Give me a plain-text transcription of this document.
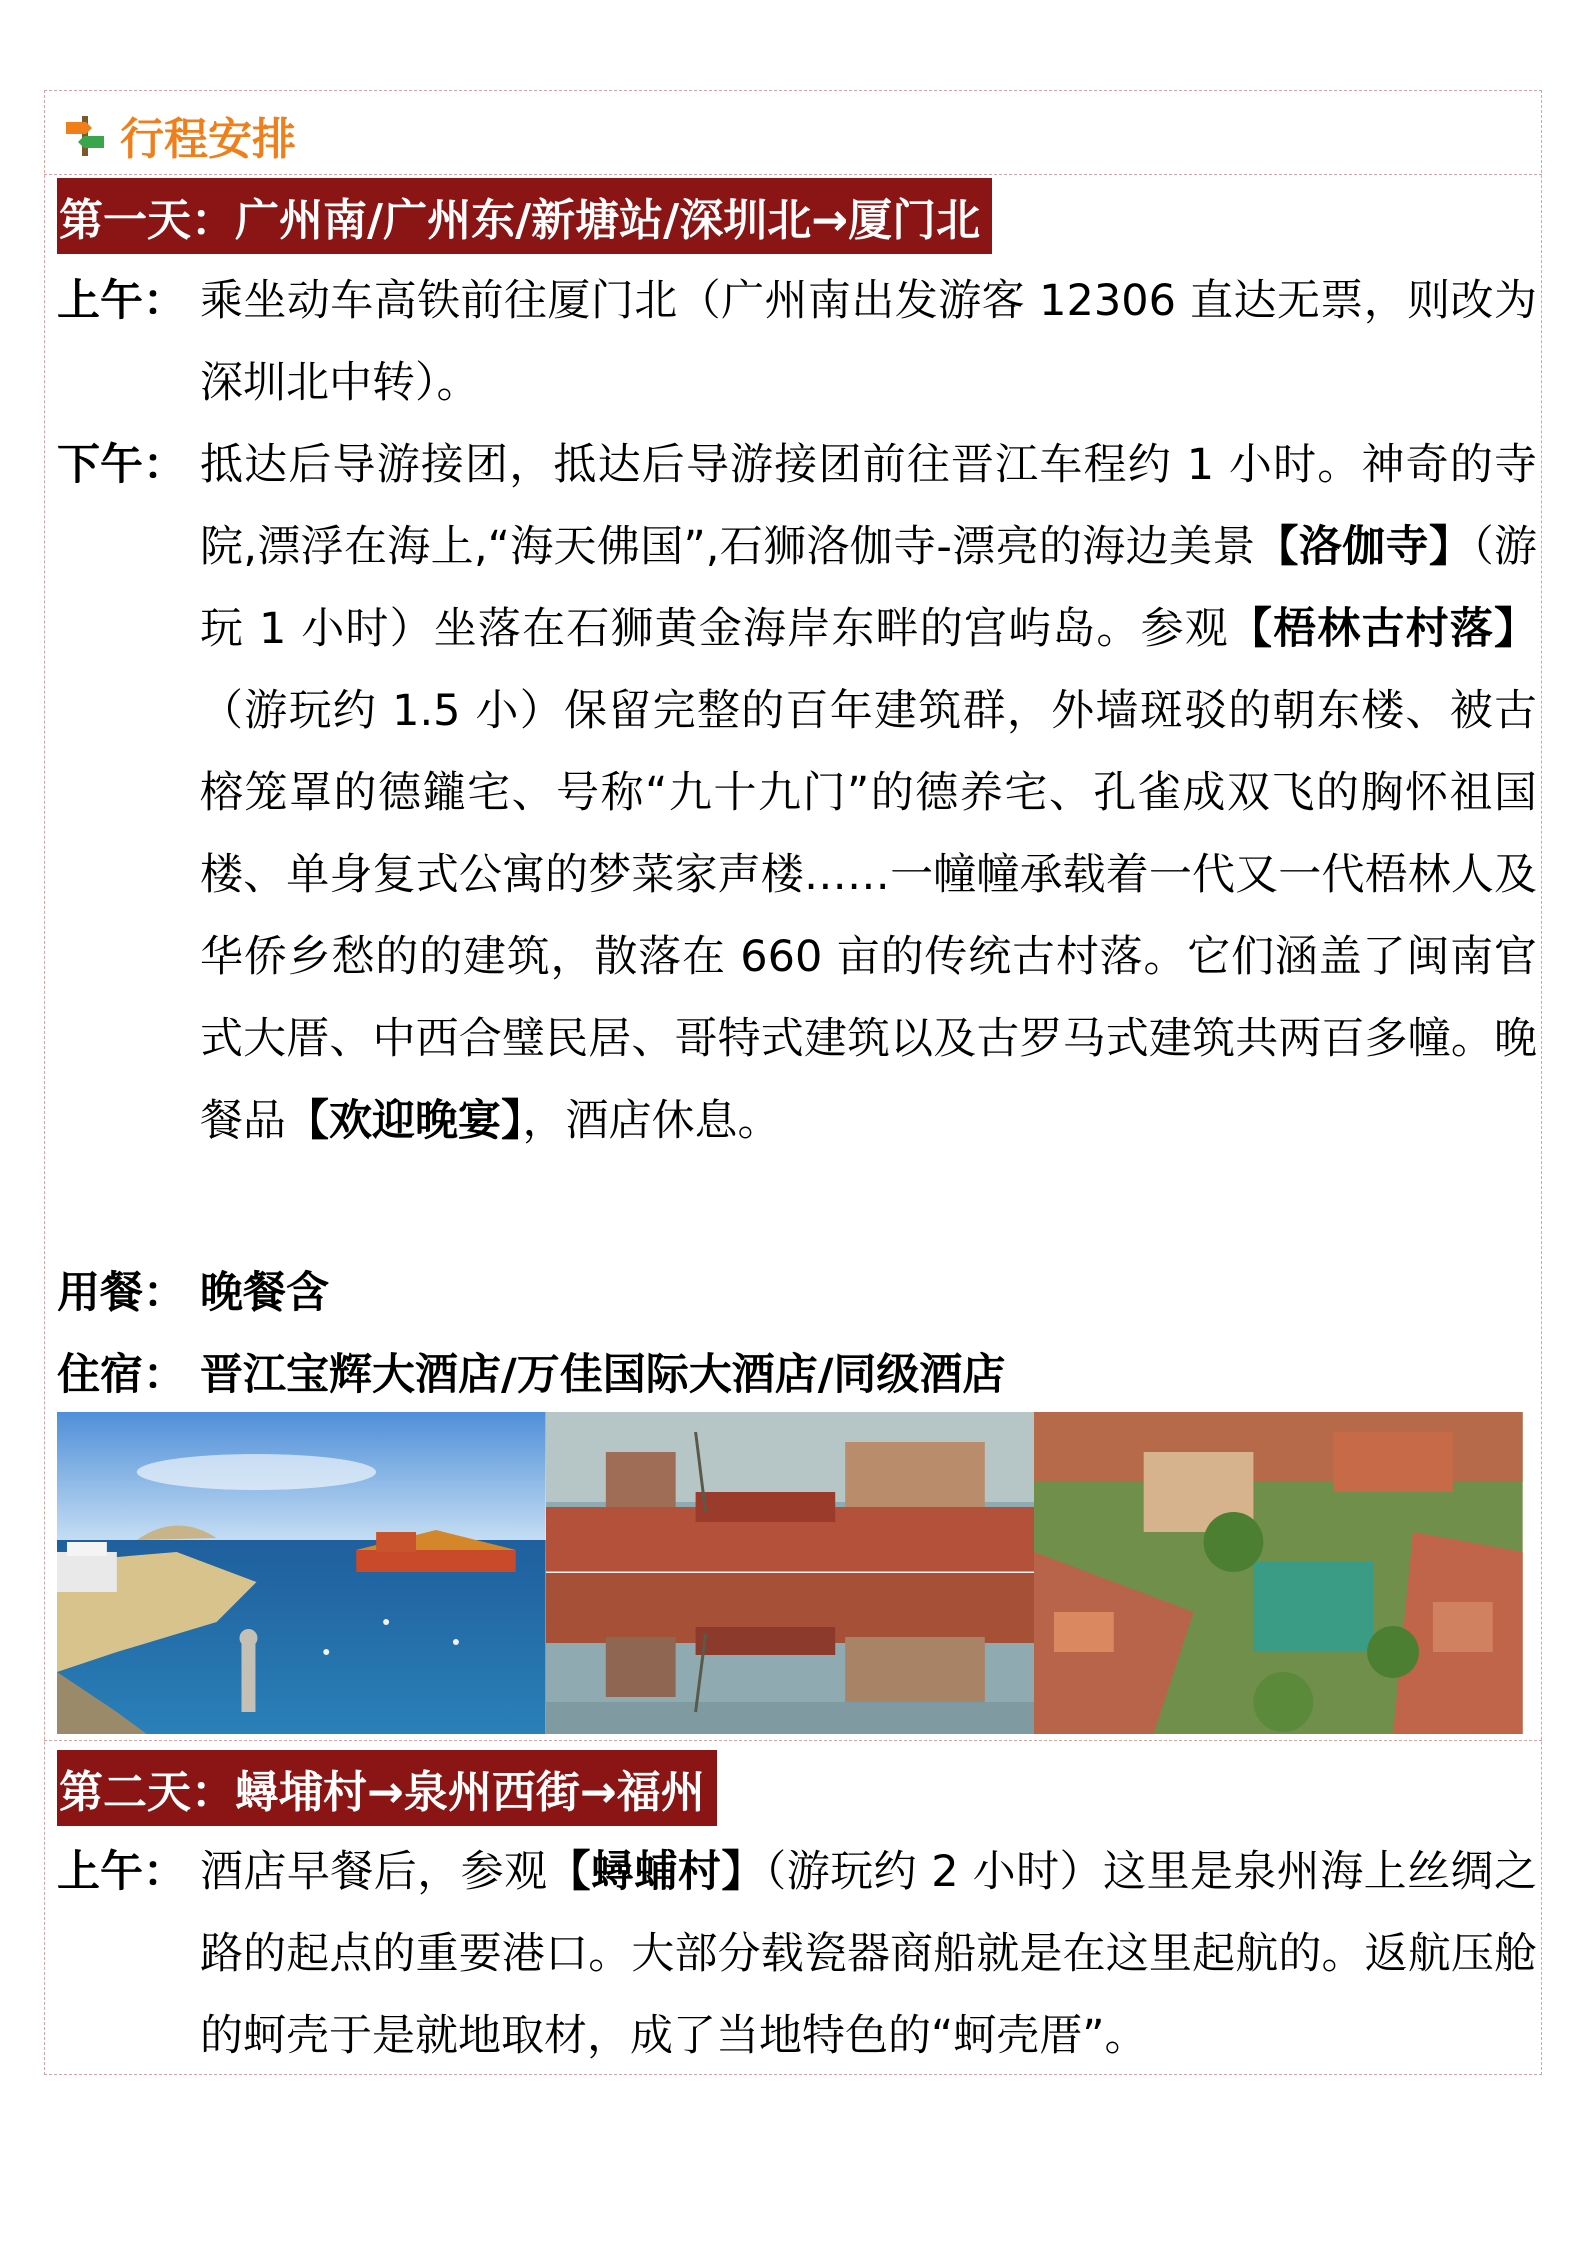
行程安排
第一天：广州南/广州东/新塘站/深圳北→厦门北
上午： 乘坐动车高铁前往厦门北（广州南出发游客 12306 直达无票，则改为深圳北中转）。
下午： 抵达后导游接团，抵达后导游接团前往晋江车程约 1 小时。神奇的寺院,漂浮在海上,“海天佛国”,石狮洛伽寺-漂亮的海边美景【洛伽寺】（游玩 1 小时）坐落在石狮黄金海岸东畔的宫屿岛。参观【梧林古村落】（游玩约 1.5 小）保留完整的百年建筑群，外墙斑驳的朝东楼、被古榕笼罩的德鑨宅、号称“九十九门”的德养宅、孔雀成双飞的胸怀祖国楼、单身复式公寓的梦菜家声楼……一幢幢承载着一代又一代梧林人及华侨乡愁的的建筑，散落在 660 亩的传统古村落。它们涵盖了闽南官式大厝、中西合璧民居、哥特式建筑以及古罗马式建筑共两百多幢。晚餐品【欢迎晚宴】，酒店休息。
用餐： 晚餐含
住宿： 晋江宝辉大酒店/万佳国际大酒店/同级酒店
第二天：蟳埔村→泉州西街→福州
上午： 酒店早餐后，参观【蟳蜅村】（游玩约 2 小时）这里是泉州海上丝绸之路的起点的重要港口。大部分载瓷器商船就是在这里起航的。返航压舱的蚵壳于是就地取材，成了当地特色的“蚵壳厝”。
